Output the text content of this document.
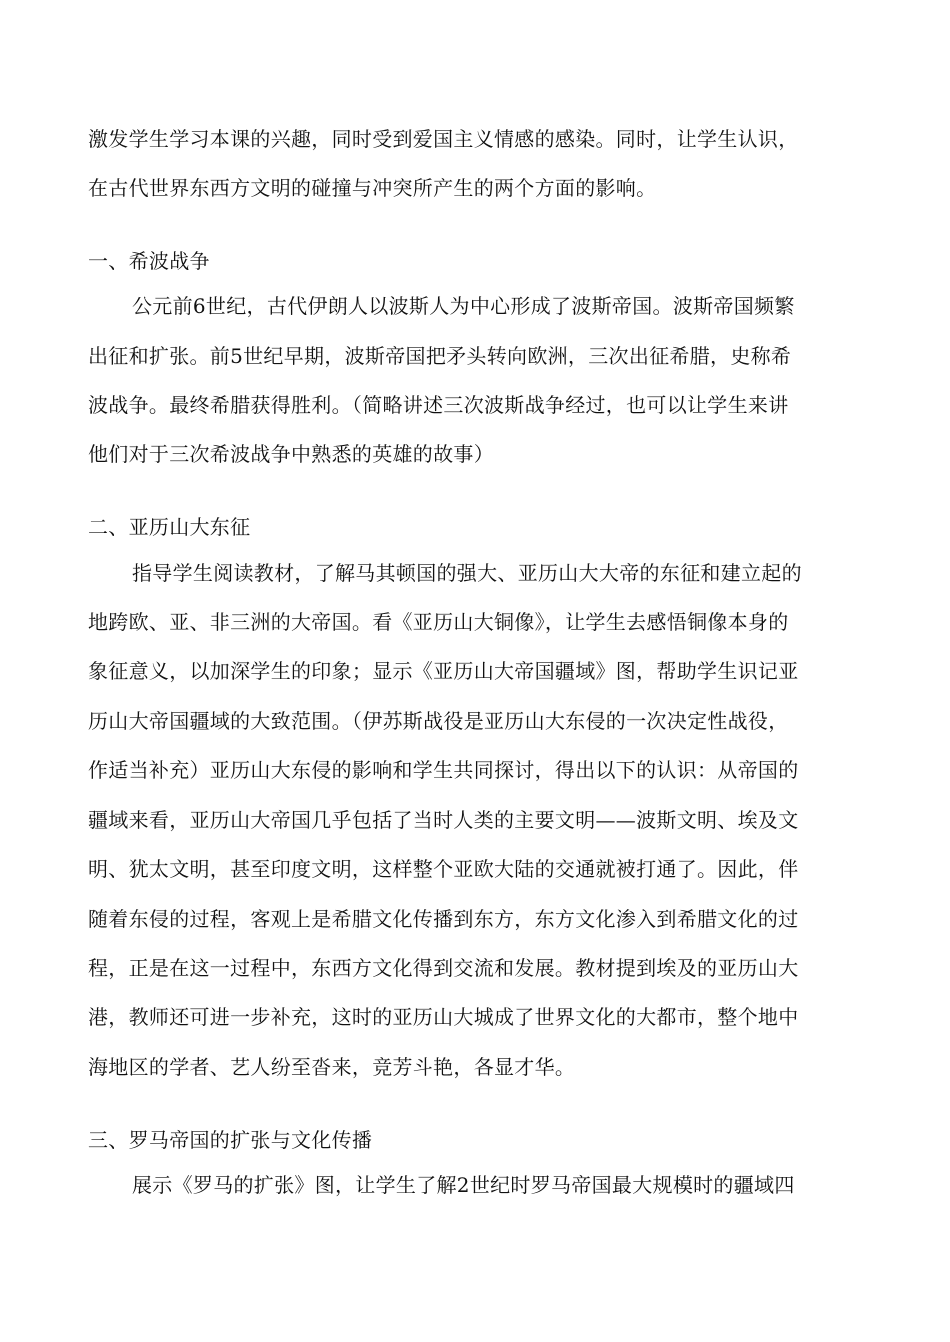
激发学生学习本课的兴趣，同时受到爱国主义情感的感染。同时，让学生认识，
在古代世界东西方文明的碰撞与冲突所产生的两个方面的影响。
一、希波战争
公元前6世纪，古代伊朗人以波斯人为中心形成了波斯帝国。波斯帝国频繁
出征和扩张。前5世纪早期，波斯帝国把矛头转向欧洲，三次出征希腊，史称希
波战争。最终希腊获得胜利。（简略讲述三次波斯战争经过，也可以让学生来讲
他们对于三次希波战争中熟悉的英雄的故事）
二、亚历山大东征
指导学生阅读教材，了解马其顿国的强大、亚历山大大帝的东征和建立起的
地跨欧、亚、非三洲的大帝国。看《亚历山大铜像》，让学生去感悟铜像本身的
象征意义，以加深学生的印象；显示《亚历山大帝国疆域》图，帮助学生识记亚
历山大帝国疆域的大致范围。（伊苏斯战役是亚历山大东侵的一次决定性战役，
作适当补充）亚历山大东侵的影响和学生共同探讨，得出以下的认识：从帝国的
疆域来看，亚历山大帝国几乎包括了当时人类的主要文明——波斯文明、埃及文
明、犹太文明，甚至印度文明，这样整个亚欧大陆的交通就被打通了。因此，伴
随着东侵的过程，客观上是希腊文化传播到东方，东方文化渗入到希腊文化的过
程，正是在这一过程中，东西方文化得到交流和发展。教材提到埃及的亚历山大
港，教师还可进一步补充，这时的亚历山大城成了世界文化的大都市，整个地中
海地区的学者、艺人纷至沓来，竞芳斗艳，各显才华。
三、罗马帝国的扩张与文化传播
展示《罗马的扩张》图，让学生了解2世纪时罗马帝国最大规模时的疆域四
